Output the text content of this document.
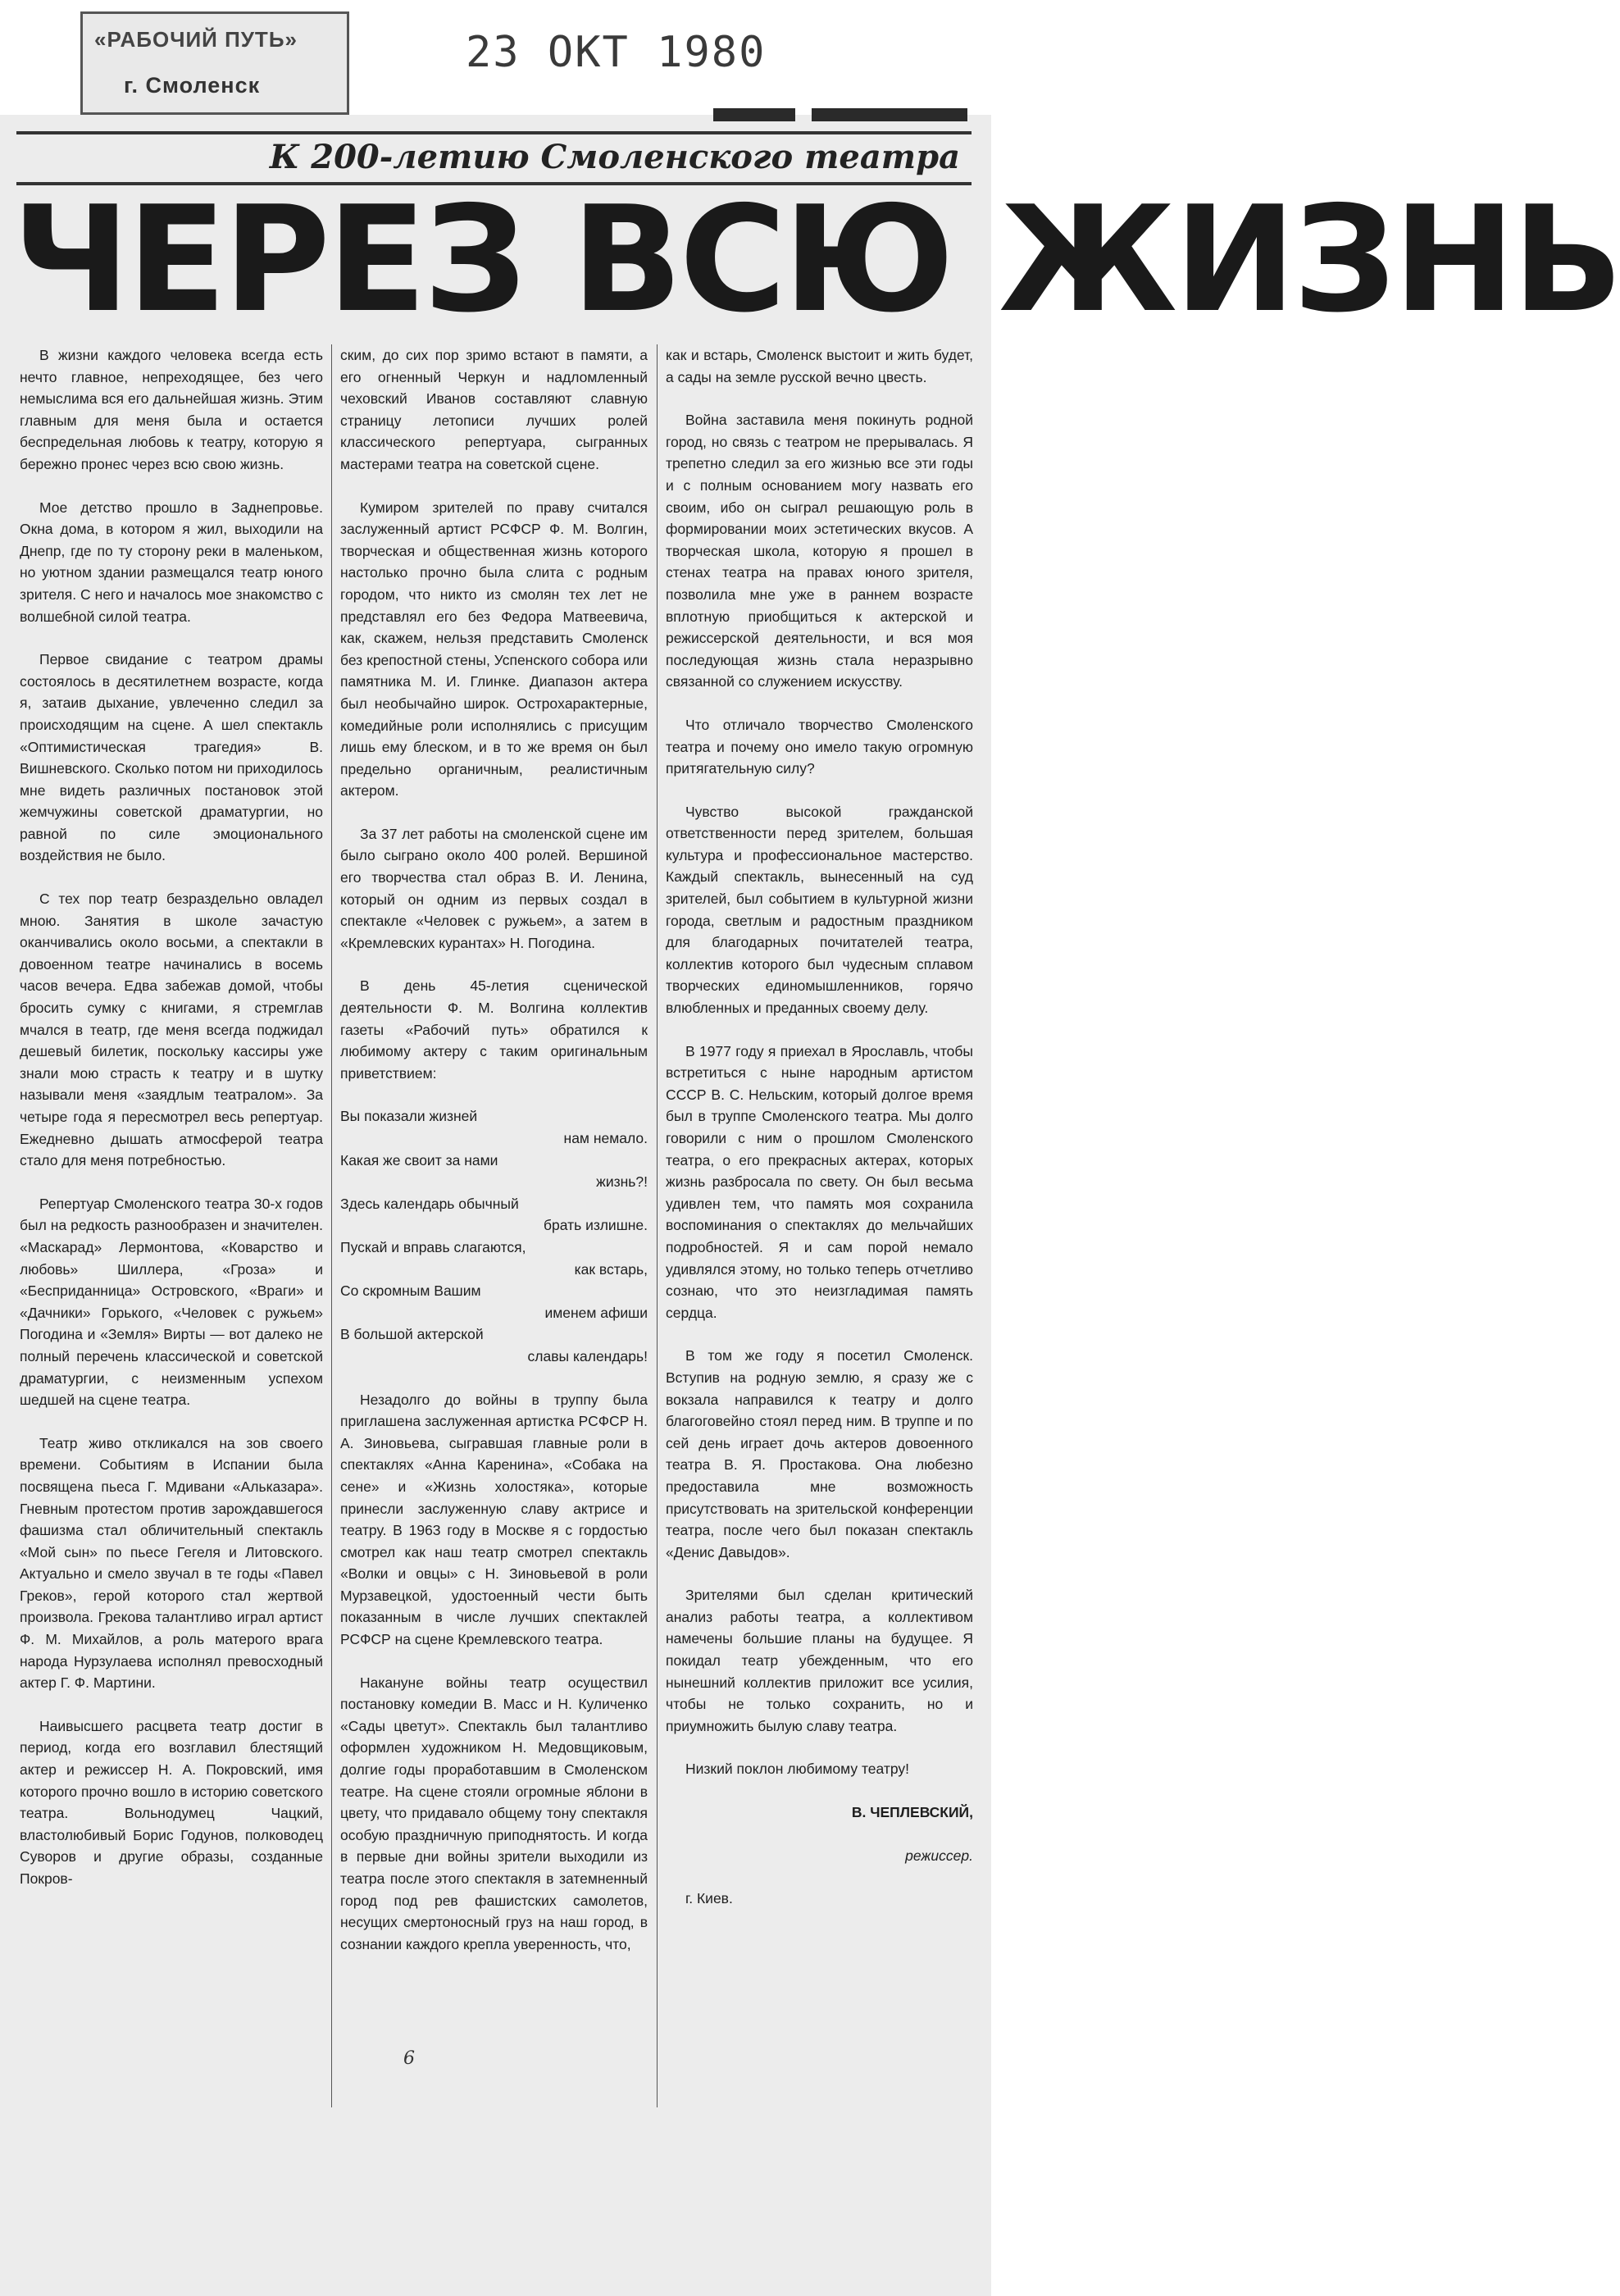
«РАБОЧИЙ ПУТЬ»
г. Смоленск
23 ОКТ 1980
К 200-летию Смоленского театра
ЧЕРЕЗ ВСЮ ЖИЗНЬ

В жизни каждого человека всегда есть нечто главное, непреходящее, без чего немыслима вся его дальнейшая жизнь. Этим главным для меня была и остается беспредельная любовь к театру, которую я бережно пронес через всю свою жизнь.

Мое детство прошло в Заднепровье. Окна дома, в котором я жил, выходили на Днепр, где по ту сторону реки в маленьком, но уютном здании размещался театр юного зрителя. С него и началось мое знакомство с волшебной силой театра.

Первое свидание с театром драмы состоялось в десятилетнем возрасте, когда я, затаив дыхание, увлеченно следил за происходящим на сцене. А шел спектакль «Оптимистическая трагедия» В. Вишневского. Сколько потом ни приходилось мне видеть различных постановок этой жемчужины советской драматургии, но равной по силе эмоционального воздействия не было.

С тех пор театр безраздельно овладел мною. Занятия в школе зачастую оканчивались около восьми, а спектакли в довоенном театре начинались в восемь часов вечера. Едва забежав домой, чтобы бросить сумку с книгами, я стремглав мчался в театр, где меня всегда поджидал дешевый билетик, поскольку кассиры уже знали мою страсть к театру и в шутку называли меня «заядлым театралом». За четыре года я пересмотрел весь репертуар. Ежедневно дышать атмосферой театра стало для меня потребностью.

Репертуар Смоленского театра 30-х годов был на редкость разнообразен и значителен. «Маскарад» Лермонтова, «Коварство и любовь» Шиллера, «Гроза» и «Бесприданница» Островского, «Враги» и «Дачники» Горького, «Человек с ружьем» Погодина и «Земля» Вирты — вот далеко не полный перечень классической и советской драматургии, с неизменным успехом шедшей на сцене театра.

Театр живо откликался на зов своего времени. Событиям в Испании была посвящена пьеса Г. Мдивани «Альказара». Гневным протестом против зарождавшегося фашизма стал обличительный спектакль «Мой сын» по пьесе Гегеля и Литовского. Актуально и смело звучал в те годы «Павел Греков», герой которого стал жертвой произвола. Грекова талантливо играл артист Ф. М. Михайлов, а роль матерого врага народа Нурзулаева исполнял превосходный актер Г. Ф. Мартини.

Наивысшего расцвета театр достиг в период, когда его возглавил блестящий актер и режиссер Н. А. Покровский, имя которого прочно вошло в историю советского театра. Вольнодумец Чацкий, властолюбивый Борис Годунов, полководец Суворов и другие образы, созданные Покров-

ским, до сих пор зримо встают в памяти, а его огненный Черкун и надломленный чеховский Иванов составляют славную страницу летописи лучших ролей классического репертуара, сыгранных мастерами театра на советской сцене.

Кумиром зрителей по праву считался заслуженный артист РСФСР Ф. М. Волгин, творческая и общественная жизнь которого настолько прочно была слита с родным городом, что никто из смолян тех лет не представлял его без Федора Матвеевича, как, скажем, нельзя представить Смоленск без крепостной стены, Успенского собора или памятника М. И. Глинке. Диапазон актера был необычайно широк. Остроxарактерные, комедийные роли исполнялись с присущим лишь ему блеском, и в то же время он был предельно органичным, реалистичным актером.

За 37 лет работы на смоленской сцене им было сыграно около 400 ролей. Вершиной его творчества стал образ В. И. Ленина, который он одним из первых создал в спектакле «Человек с ружьем», а затем в «Кремлевских курантах» Н. Погодина.

В день 45-летия сценической деятельности Ф. М. Волгина коллектив газеты «Рабочий путь» обратился к любимому актеру с таким оригинальным приветствием:

Вы показали жизней
нам немало.
Какая же своит за нами
жизнь?!
Здесь календарь обычный
брать излишне.
Пускай и вправь слагаются,
как встарь,
Со скромным Вашим
именем афиши
В большой актерской
славы календарь!

Незадолго до войны в труппу была приглашена заслуженная артистка РСФСР Н. А. Зиновьева, сыгравшая главные роли в спектаклях «Анна Каренина», «Собака на сене» и «Жизнь холостяка», которые принесли заслуженную славу актрисе и театру. В 1963 году в Москве я с гордостью смотрел как наш театр смотрел спектакль «Волки и овцы» с Н. Зиновьевой в роли Мурзавецкой, удостоенный чести быть показанным в числе лучших спектаклей РСФСР на сцене Кремлевского театра.

Накануне войны театр осуществил постановку комедии В. Масс и Н. Куличенко «Сады цветут». Спектакль был талантливо оформлен художником Н. Медовщиковым, долгие годы проработавшим в Смоленском театре. На сцене стояли огромные яблони в цвету, что придавало общему тону спектакля особую праздничную приподнятость. И когда в первые дни войны зрители выходили из театра после этого спектакля в затемненный город под рев фашистских самолетов, несущих смертоносный груз на наш город, в сознании каждого крепла уверенность, что,

как и встарь, Смоленск выстоит и жить будет, а сады на земле русской вечно цвесть.

Война заставила меня покинуть родной город, но связь с театром не прерывалась. Я трепетно следил за его жизнью все эти годы и с полным основанием могу назвать его своим, ибо он сыграл решающую роль в формировании моих эстетических вкусов. А творческая школа, которую я прошел в стенах театра на правах юного зрителя, позволила мне уже в раннем возрасте вплотную приобщиться к актерской и режиссерской деятельности, и вся моя последующая жизнь стала неразрывно связанной со служением искусству.

Что отличало творчество Смоленского театра и почему оно имело такую огромную притягательную силу?

Чувство высокой гражданской ответственности перед зрителем, большая культура и профессиональное мастерство. Каждый спектакль, вынесенный на суд зрителей, был событием в культурной жизни города, светлым и радостным праздником для благодарных почитателей театра, коллектив которого был чудесным сплавом творческих единомышленников, горячо влюбленных и преданных своему делу.

В 1977 году я приехал в Ярославль, чтобы встретиться с ныне народным артистом СССР В. С. Нельским, который долгое время был в труппе Смоленского театра. Мы долго говорили с ним о прошлом Смоленского театра, о его прекрасных актерах, которых жизнь разбросала по свету. Он был весьма удивлен тем, что память моя сохранила воспоминания о спектаклях до мельчайших подробностей. Я и сам порой немало удивлялся этому, но только теперь отчетливо сознаю, что это неизгладимая память сердца.

В том же году я посетил Смоленск. Вступив на родную землю, я сразу же с вокзала направился к театру и долго благоговейно стоял перед ним. В труппе и по сей день играет дочь актеров довоенного театра В. Я. Простакова. Она любезно предоставила мне возможность присутствовать на зрительской конференции театра, после чего был показан спектакль «Денис Давыдов».

Зрителями был сделан критический анализ работы театра, а коллективом намечены большие планы на будущее. Я покидал театр убежденным, что его нынешний коллектив приложит все усилия, чтобы не только сохранить, но и приумножить былую славу театра.

Низкий поклон любимому театру!

В. ЧЕПЛЕВСКИЙ,

режиссер.

г. Киев.

6
